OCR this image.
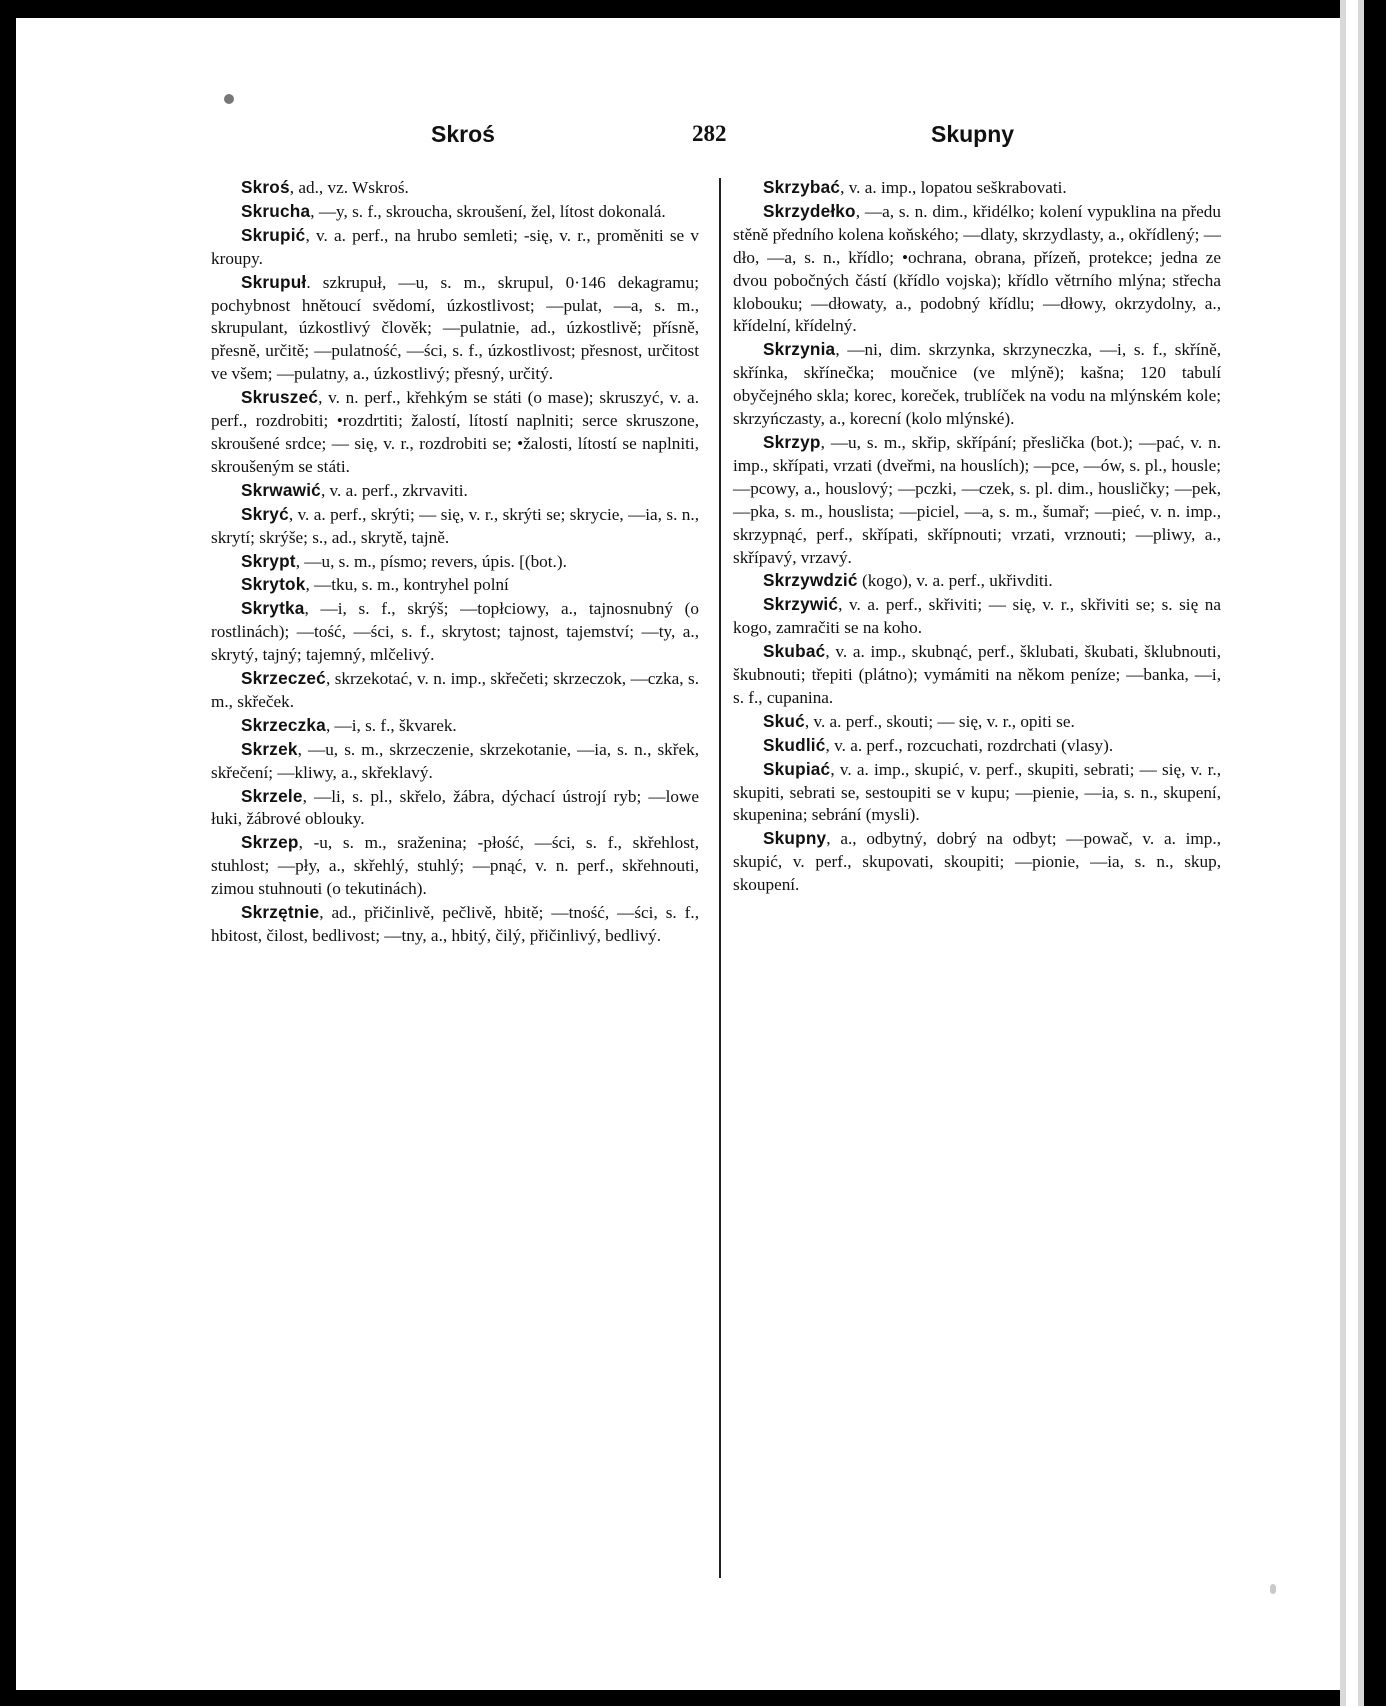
Skroś	282	Skupny

Skroś, ad., vz. Wskroś.

Skrucha, —y, s. f., skroucha, skroušení, žel, lítost dokonalá.

Skrupić, v. a. perf., na hrubo semleti; -się, v. r., proměniti se v kroupy.

Skrupuł. szkrupuł, —u, s. m., skrupul, 0·146 dekagramu; pochybnost hnětoucí svědomí, úzkostlivost; —pulat, —a, s. m., skrupulant, úzkostlivý člověk; —pulatnie, ad., úzkostlivě; přísně, přesně, určitě; —pulatność, —ści, s. f., úzkostlivost; přesnost, určitost ve všem; —pulatny, a., úzkostlivý; přesný, určitý.

Skruszeć, v. n. perf., křehkým se státi (o mase); skruszyć, v. a. perf., rozdrobiti; •rozdrtiti; žalostí, lítostí naplniti; serce skruszone, skroušené srdce; — się, v. r., rozdrobiti se; •žalosti, lítostí se naplniti, skroušeným se státi.

Skrwawić, v. a. perf., zkrvaviti.

Skryć, v. a. perf., skrýti; — się, v. r., skrýti se; skrycie, —ia, s. n., skrytí; skrýše; s., ad., skrytě, tajně.

Skrypt, —u, s. m., písmo; revers, úpis. [(bot.).

Skrytok, —tku, s. m., kontryhel polní

Skrytka, —i, s. f., skrýš; —topłciowy, a., tajnosnubný (o rostlinách); —tość, —ści, s. f., skrytost; tajnost, tajemství; —ty, a., skrytý, tajný; tajemný, mlčelivý.

Skrzeczeć, skrzekotać, v. n. imp., skřečeti; skrzeczok, —czka, s. m., skřeček.

Skrzeczka, —i, s. f., škvarek.

Skrzek, —u, s. m., skrzeczenie, skrzekotanie, —ia, s. n., skřek, skřečení; —kliwy, a., skřeklavý.

Skrzele, —li, s. pl., skřelo, žábra, dýchací ústrojí ryb; —lowe łuki, žábrové oblouky.

Skrzep, -u, s. m., sraženina; -płość, —ści, s. f., skřehlost, stuhlost; —pły, a., skřehlý, stuhlý; —pnąć, v. n. perf., skřehnouti, zimou stuhnouti (o tekutinách).

Skrzętnie, ad., přičinlivě, pečlivě, hbitě; —tność, —ści, s. f., hbitost, čilost, bedlivost; —tny, a., hbitý, čilý, přičinlivý, bedlivý.

Skrzybać, v. a. imp., lopatou seškrabovati.

Skrzydełko, —a, s. n. dim., křidélko; kolení vypuklina na předu stěně předního kolena koňského; —dlaty, skrzydlasty, a., okřídlený; —dło, —a, s. n., křídlo; •ochrana, obrana, přízeň, protekce; jedna ze dvou pobočných částí (křídlo vojska); křídlo větrního mlýna; střecha klobouku; —dłowaty, a., podobný křídlu; —dłowy, okrzydolny, a., křídelní, křídelný.

Skrzynia, —ni, dim. skrzynka, skrzyneczka, —i, s. f., skříně, skřínka, skřínečka; moučnice (ve mlýně); kašna; 120 tabulí obyčejného skla; korec, koreček, trublíček na vodu na mlýnském kole; skrzyńczasty, a., korecní (kolo mlýnské).

Skrzyp, —u, s. m., skřip, skřípání; přeslička (bot.); —pać, v. n. imp., skřípati, vrzati (dveřmi, na houslích); —pce, —ów, s. pl., housle; —pcowy, a., houslový; —pczki, —czek, s. pl. dim., housličky; —pek, —pka, s. m., houslista; —piciel, —a, s. m., šumař; —pieć, v. n. imp., skrzypnąć, perf., skřípati, skřípnouti; vrzati, vrznouti; —pliwy, a., skřípavý, vrzavý.

Skrzywdzić (kogo), v. a. perf., ukřivditi.

Skrzywić, v. a. perf., skřiviti; — się, v. r., skřiviti se; s. się na kogo, zamračiti se na koho.

Skubać, v. a. imp., skubnąć, perf., šklubati, škubati, šklubnouti, škubnouti; třepiti (plátno); vymámiti na někom peníze; —banka, —i, s. f., cupanina.

Skuć, v. a. perf., skouti; — się, v. r., opiti se.

Skudlić, v. a. perf., rozcuchati, rozdrchati (vlasy).

Skupiać, v. a. imp., skupić, v. perf., skupiti, sebrati; — się, v. r., skupiti, sebrati se, sestoupiti se v kupu; —pienie, —ia, s. n., skupení, skupenina; sebrání (mysli).

Skupny, a., odbytný, dobrý na odbyt; —powač, v. a. imp., skupić, v. perf., skupovati, skoupiti; —pionie, —ia, s. n., skup, skoupení.
